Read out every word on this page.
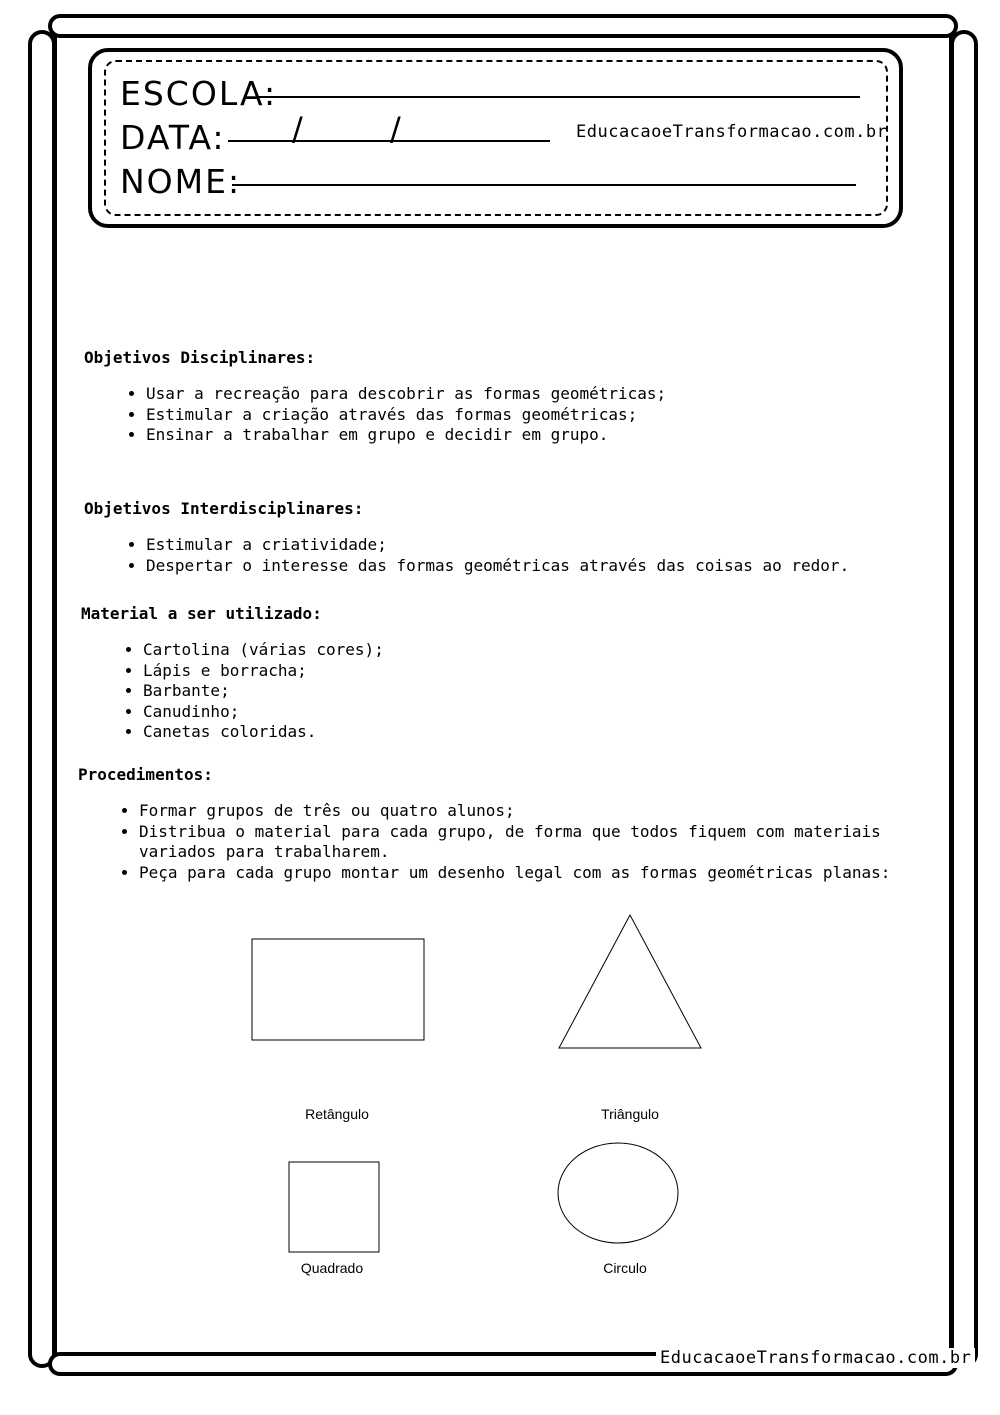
ESCOLA:
DATA: /	/	EducacaoeTransformacao.com.br
NOME:
Objetivos Disciplinares:
• Usar a recreação para descobrir as formas geométricas;
• Estimular a criação através das formas geométricas;
• Ensinar a trabalhar em grupo e decidir em grupo.
Objetivos Interdisciplinares:
• Estimular a criatividade;
• Despertar o interesse das formas geométricas através das coisas ao redor.
Material a ser utilizado:
• Cartolina (várias cores);
• Lápis e borracha;
• Barbante;
• Canudinho;
• Canetas coloridas.
Procedimentos:
• Formar grupos de três ou quatro alunos;
• Distribua o material para cada grupo, de forma que todos fiquem com materiais variados para trabalharem.
• Peça para cada grupo montar um desenho legal com as formas geométricas planas:
Retângulo	Triângulo
Quadrado	Circulo
EducacaoeTransformacao.com.br
